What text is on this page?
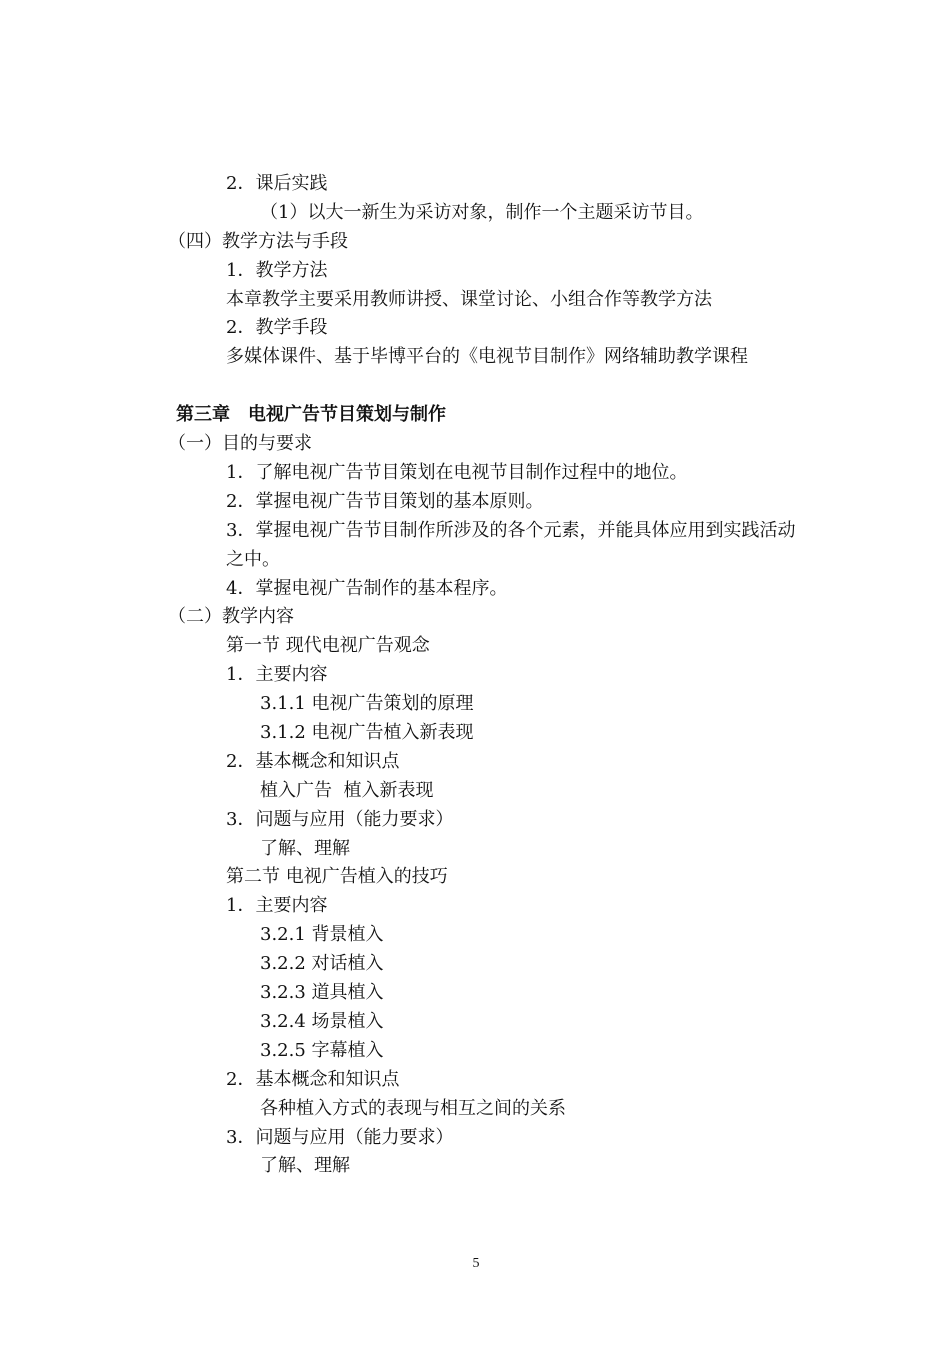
2．课后实践
（1）以大一新生为采访对象，制作一个主题采访节目。
（四）教学方法与手段
1．教学方法
本章教学主要采用教师讲授、课堂讨论、小组合作等教学方法
2．教学手段
多媒体课件、基于毕博平台的《电视节目制作》网络辅助教学课程
第三章　电视广告节目策划与制作
（一）目的与要求
1．了解电视广告节目策划在电视节目制作过程中的地位。
2．掌握电视广告节目策划的基本原则。
3．掌握电视广告节目制作所涉及的各个元素，并能具体应用到实践活动
之中。
4．掌握电视广告制作的基本程序。
（二）教学内容
第一节 现代电视广告观念
1．主要内容
3.1.1 电视广告策划的原理
3.1.2 电视广告植入新表现
2．基本概念和知识点
植入广告  植入新表现
3．问题与应用（能力要求）
了解、理解
第二节 电视广告植入的技巧
1．主要内容
3.2.1 背景植入
3.2.2 对话植入
3.2.3 道具植入
3.2.4 场景植入
3.2.5 字幕植入
2．基本概念和知识点
各种植入方式的表现与相互之间的关系
3．问题与应用（能力要求）
了解、理解
5
